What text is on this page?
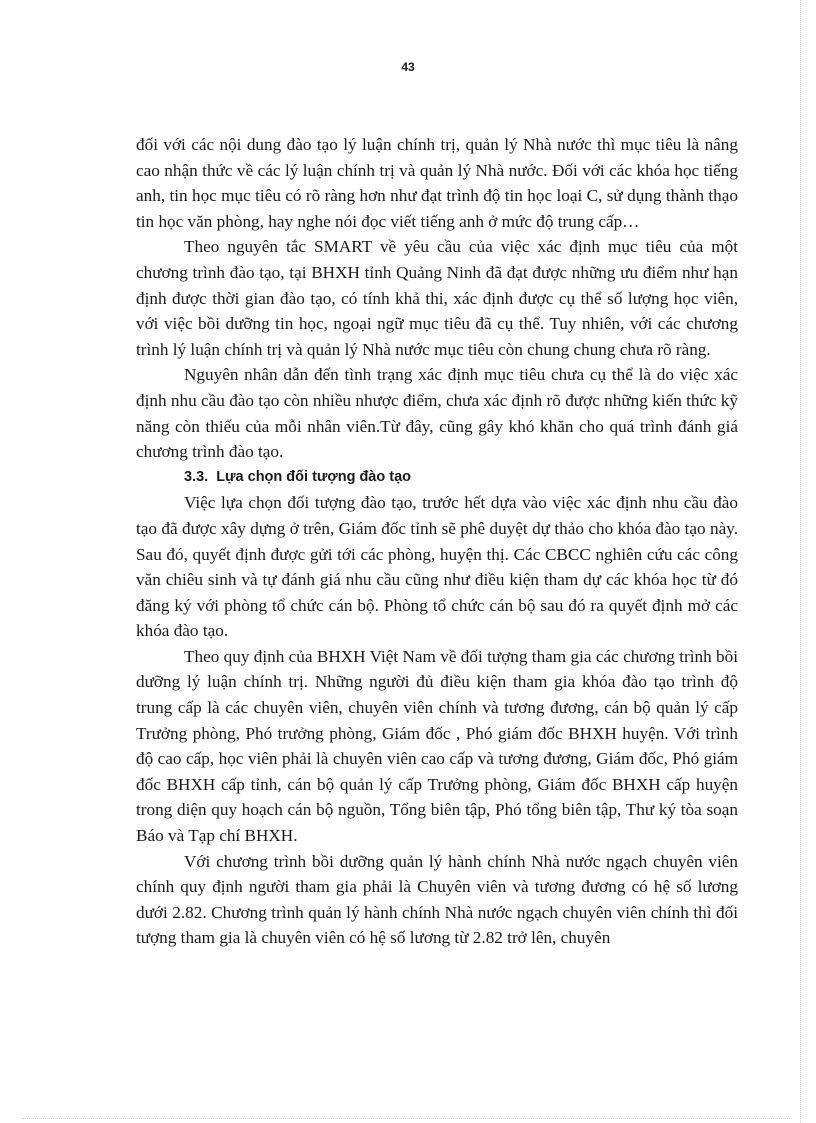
43

đối với các nội dung đào tạo lý luận chính trị, quản lý Nhà nước thì mục tiêu là nâng cao nhận thức về các lý luận chính trị và quản lý Nhà nước. Đối với các khóa học tiếng anh, tin học mục tiêu có rõ ràng hơn như đạt trình độ tin học loại C, sử dụng thành thạo tin học văn phòng, hay nghe nói đọc viết tiếng anh ở mức độ trung cấp…

Theo nguyên tắc SMART về yêu cầu của việc xác định mục tiêu của một chương trình đào tạo, tại BHXH tỉnh Quảng Ninh đã đạt được những ưu điểm như hạn định được thời gian đào tạo, có tính khả thi, xác định được cụ thể số lượng học viên, với việc bồi dưỡng tin học, ngoại ngữ mục tiêu đã cụ thể. Tuy nhiên, với các chương trình lý luận chính trị và quản lý Nhà nước mục tiêu còn chung chung chưa rõ ràng.

Nguyên nhân dẫn đến tình trạng xác định mục tiêu chưa cụ thể là do việc xác định nhu cầu đào tạo còn nhiều nhược điểm, chưa xác định rõ được những kiến thức kỹ năng còn thiếu của mỗi nhân viên.Từ đây, cũng gây khó khăn cho quá trình đánh giá chương trình đào tạo.

3.3. Lựa chọn đối tượng đào tạo

Việc lựa chọn đối tượng đào tạo, trước hết dựa vào việc xác định nhu cầu đào tạo đã được xây dựng ở trên, Giám đốc tỉnh sẽ phê duyệt dự thảo cho khóa đào tạo này. Sau đó, quyết định được gửi tới các phòng, huyện thị. Các CBCC nghiên cứu các công văn chiêu sinh và tự đánh giá nhu cầu cũng như điều kiện tham dự các khóa học từ đó đăng ký với phòng tổ chức cán bộ. Phòng tổ chức cán bộ sau đó ra quyết định mở các khóa đào tạo.

Theo quy định của BHXH Việt Nam về đối tượng tham gia các chương trình bồi dưỡng lý luận chính trị. Những người đủ điều kiện tham gia khóa đào tạo trình độ trung cấp là các chuyên viên, chuyên viên chính và tương đương, cán bộ quản lý cấp Trưởng phòng, Phó trưởng phòng, Giám đốc , Phó giám đốc BHXH huyện. Với trình độ cao cấp, học viên phải là chuyên viên cao cấp và tương đương, Giám đốc, Phó giám đốc BHXH cấp tỉnh, cán bộ quản lý cấp Trưởng phòng, Giám đốc BHXH cấp huyện trong diện quy hoạch cán bộ nguồn, Tổng biên tập, Phó tổng biên tập, Thư ký tòa soạn Báo và Tạp chí BHXH.

Với chương trình bồi dưỡng quản lý hành chính Nhà nước ngạch chuyên viên chính quy định người tham gia phải là Chuyên viên và tương đương có hệ số lương dưới 2.82. Chương trình quản lý hành chính Nhà nước ngạch chuyên viên chính thì đối tượng tham gia là chuyên viên có hệ số lương từ 2.82 trở lên, chuyên
